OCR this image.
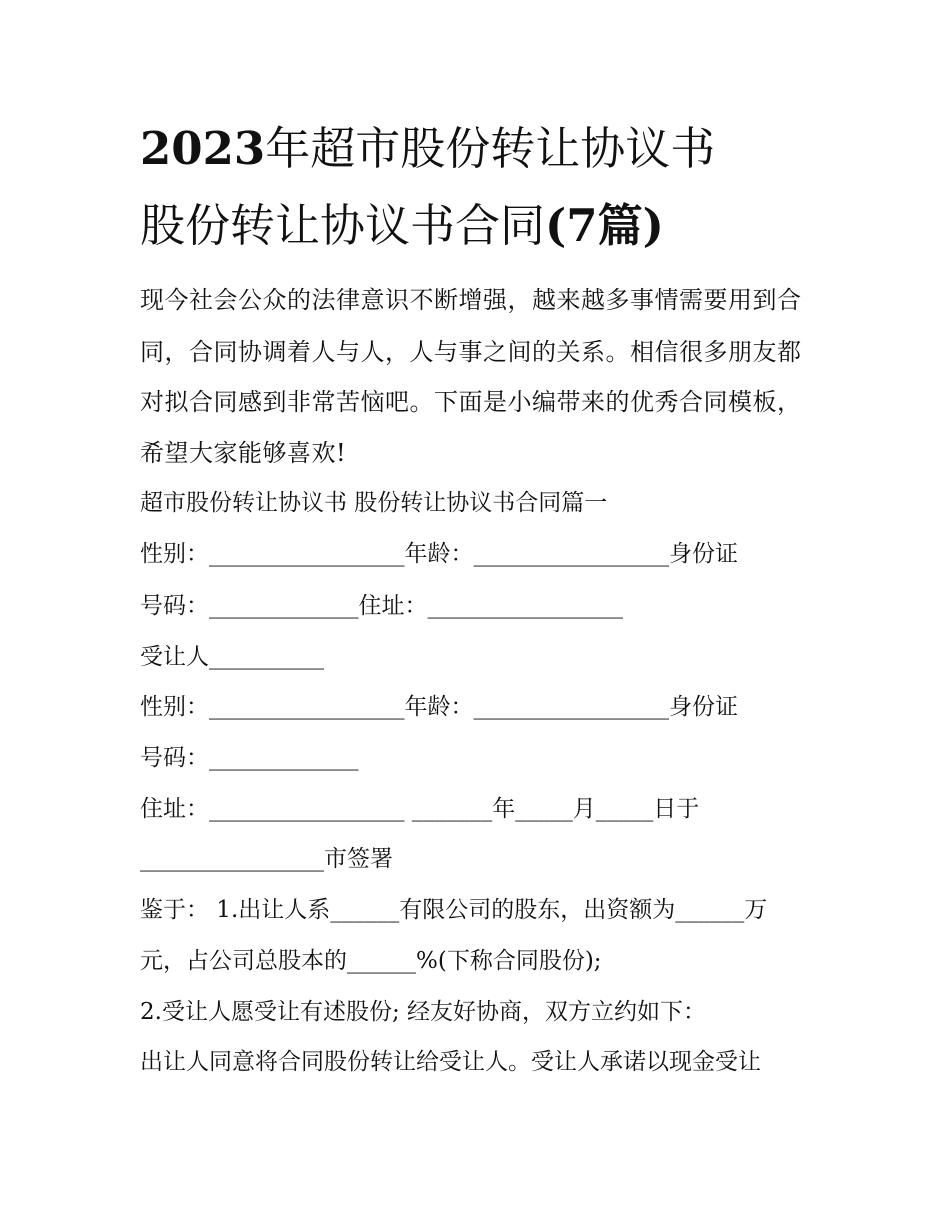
2023年超市股份转让协议书
股份转让协议书合同(7篇)
现今社会公众的法律意识不断增强，越来越多事情需要用到合
同，合同协调着人与人，人与事之间的关系。相信很多朋友都
对拟合同感到非常苦恼吧。下面是小编带来的优秀合同模板，
希望大家能够喜欢!
超市股份转让协议书 股份转让协议书合同篇一
性别：_________________年龄：_________________身份证
号码：_____________住址：_________________
受让人__________
性别：_________________年龄：_________________身份证
号码：_____________
住址：_________________ _______年_____月_____日于
________________市签署
鉴于： 1.出让人系______有限公司的股东，出资额为______万
元，占公司总股本的______%(下称合同股份);
2.受让人愿受让有述股份; 经友好协商，双方立约如下：
出让人同意将合同股份转让给受让人。受让人承诺以现金受让
